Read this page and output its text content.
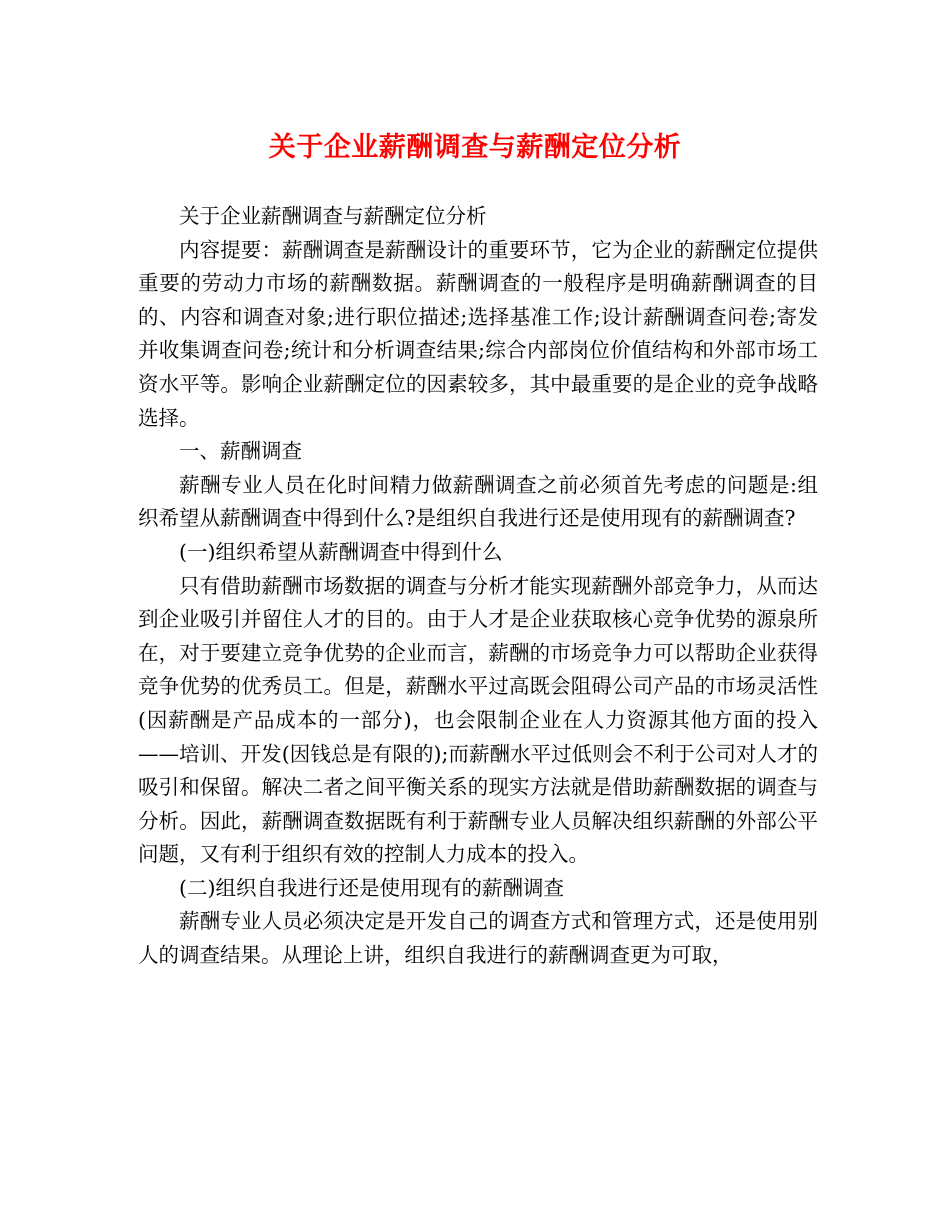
关于企业薪酬调查与薪酬定位分析

关于企业薪酬调查与薪酬定位分析

内容提要：薪酬调查是薪酬设计的重要环节，它为企业的薪酬定位提供重要的劳动力市场的薪酬数据。薪酬调查的一般程序是明确薪酬调查的目的、内容和调查对象;进行职位描述;选择基准工作;设计薪酬调查问卷;寄发并收集调查问卷;统计和分析调查结果;综合内部岗位价值结构和外部市场工资水平等。影响企业薪酬定位的因素较多，其中最重要的是企业的竞争战略选择。

一、薪酬调查

薪酬专业人员在化时间精力做薪酬调查之前必须首先考虑的问题是:组织希望从薪酬调查中得到什么?是组织自我进行还是使用现有的薪酬调查?

(一)组织希望从薪酬调查中得到什么

只有借助薪酬市场数据的调查与分析才能实现薪酬外部竞争力，从而达到企业吸引并留住人才的目的。由于人才是企业获取核心竞争优势的源泉所在，对于要建立竞争优势的企业而言，薪酬的市场竞争力可以帮助企业获得竞争优势的优秀员工。但是，薪酬水平过高既会阻碍公司产品的市场灵活性(因薪酬是产品成本的一部分)，也会限制企业在人力资源其他方面的投入——培训、开发(因钱总是有限的);而薪酬水平过低则会不利于公司对人才的吸引和保留。解决二者之间平衡关系的现实方法就是借助薪酬数据的调查与分析。因此，薪酬调查数据既有利于薪酬专业人员解决组织薪酬的外部公平问题，又有利于组织有效的控制人力成本的投入。

(二)组织自我进行还是使用现有的薪酬调查

薪酬专业人员必须决定是开发自己的调查方式和管理方式，还是使用别人的调查结果。从理论上讲，组织自我进行的薪酬调查更为可取，
